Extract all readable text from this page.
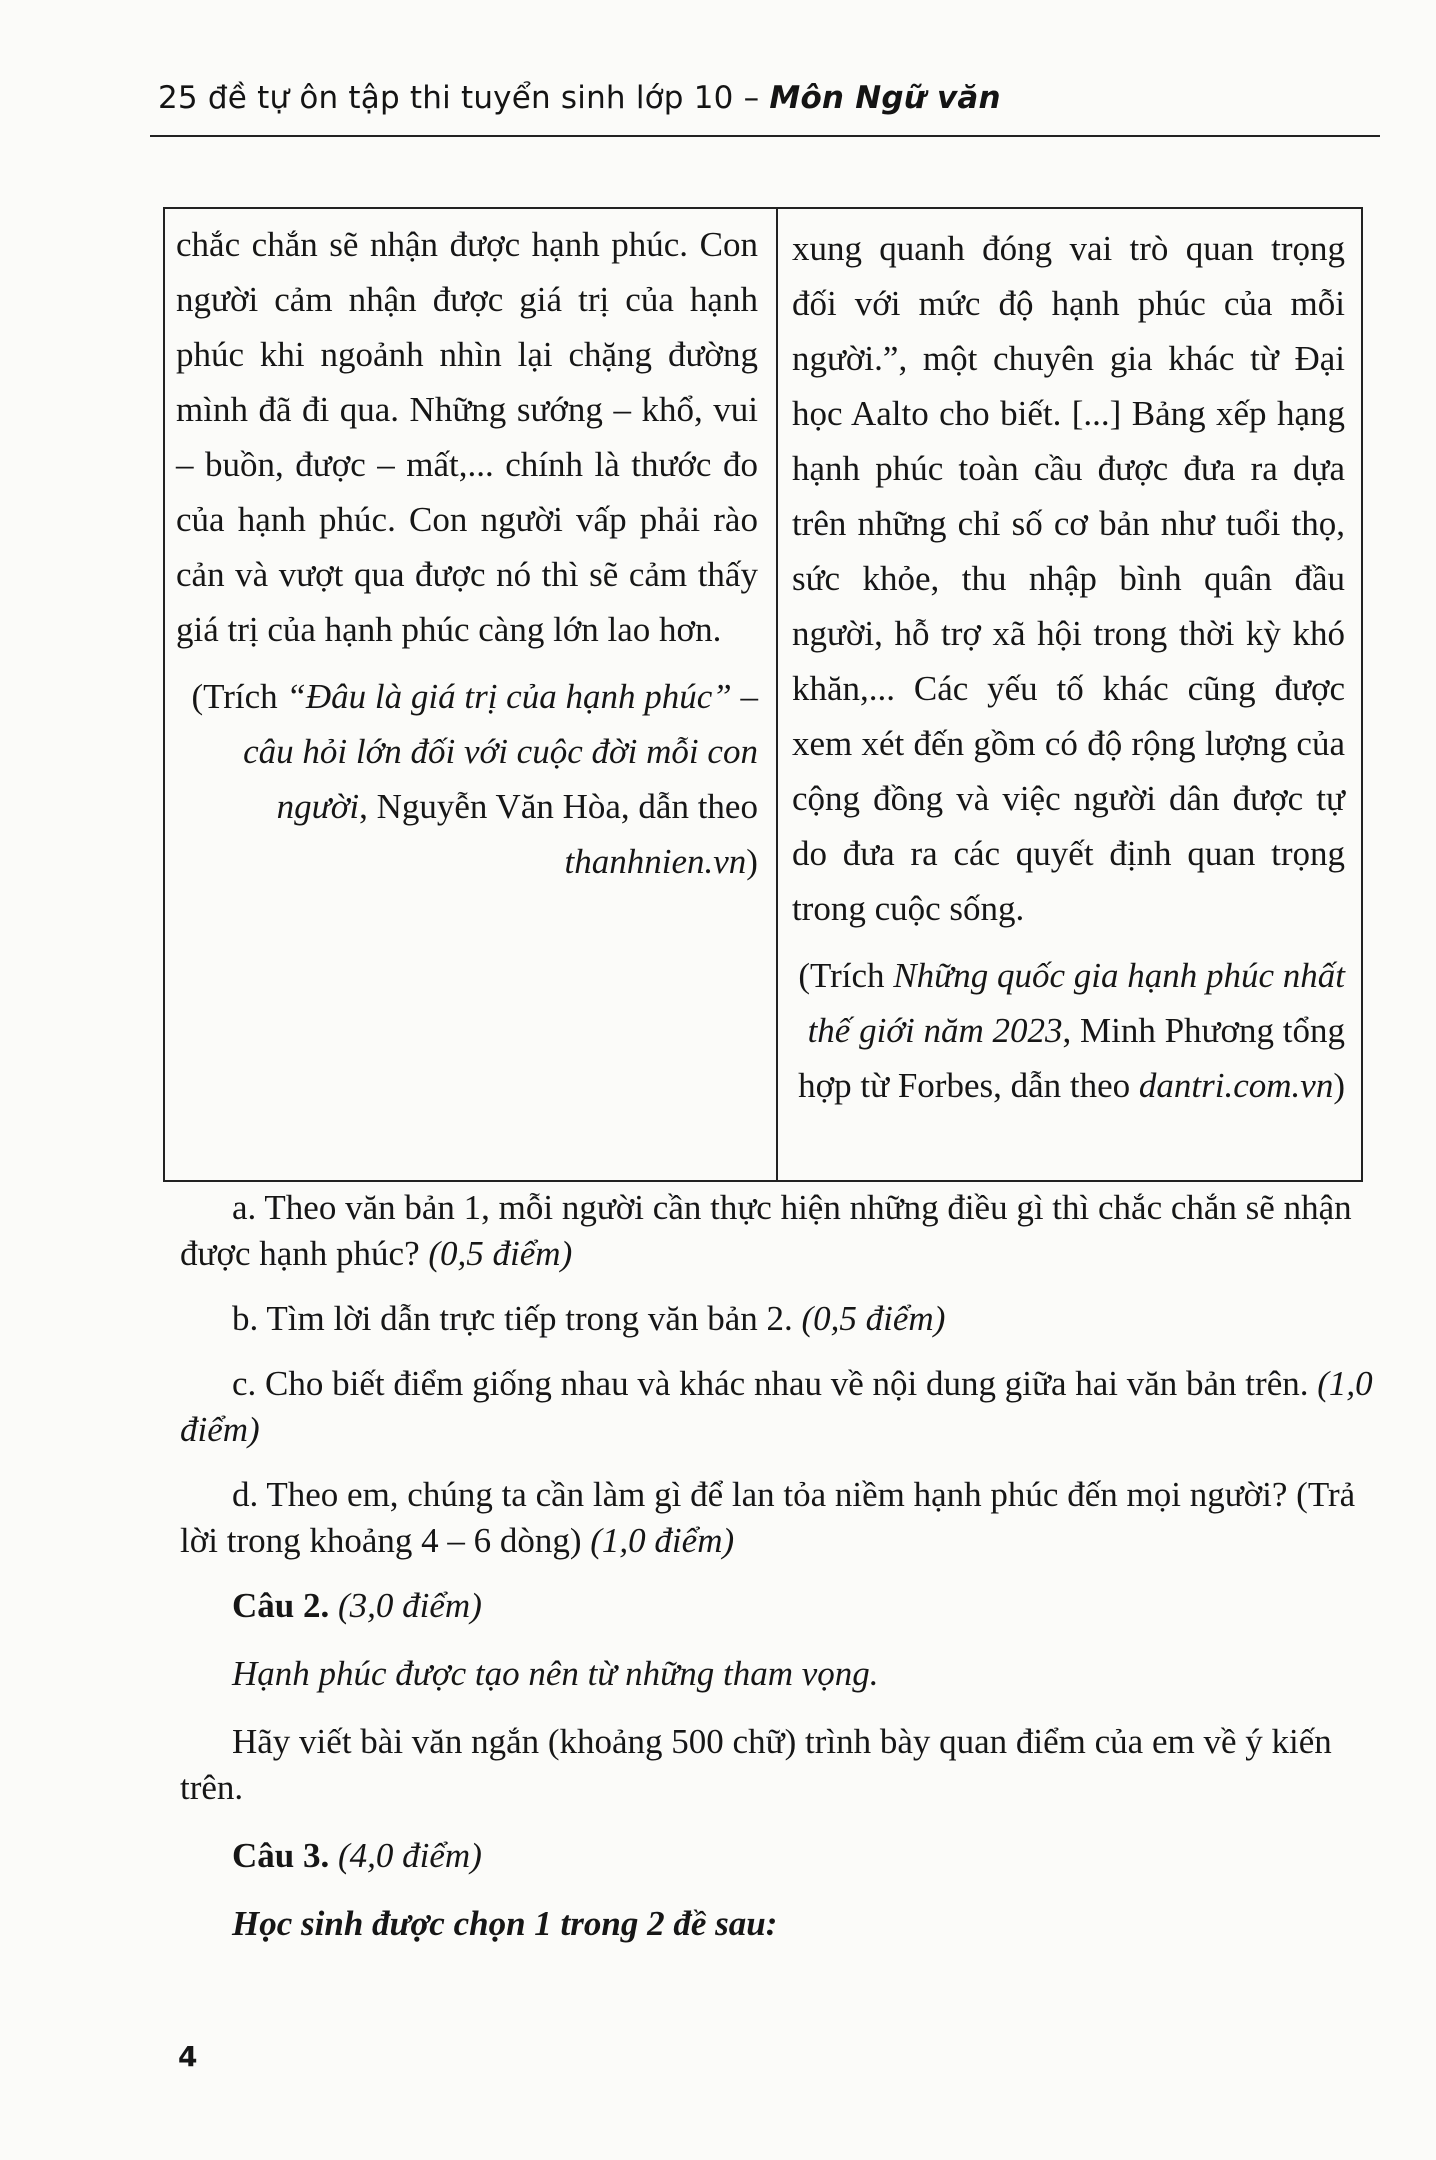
25 đề tự ôn tập thi tuyển sinh lớp 10 – Môn Ngữ văn
chắc chắn sẽ nhận được hạnh phúc. Con người cảm nhận được giá trị của hạnh phúc khi ngoảnh nhìn lại chặng đường mình đã đi qua. Những sướng – khổ, vui – buồn, được – mất,... chính là thước đo của hạnh phúc. Con người vấp phải rào cản và vượt qua được nó thì sẽ cảm thấy giá trị của hạnh phúc càng lớn lao hơn.
(Trích “Đâu là giá trị của hạnh phúc” – câu hỏi lớn đối với cuộc đời mỗi con người, Nguyễn Văn Hòa, dẫn theo thanhnien.vn)
xung quanh đóng vai trò quan trọng đối với mức độ hạnh phúc của mỗi người.”, một chuyên gia khác từ Đại học Aalto cho biết. [...] Bảng xếp hạng hạnh phúc toàn cầu được đưa ra dựa trên những chỉ số cơ bản như tuổi thọ, sức khỏe, thu nhập bình quân đầu người, hỗ trợ xã hội trong thời kỳ khó khăn,... Các yếu tố khác cũng được xem xét đến gồm có độ rộng lượng của cộng đồng và việc người dân được tự do đưa ra các quyết định quan trọng trong cuộc sống.
(Trích Những quốc gia hạnh phúc nhất thế giới năm 2023, Minh Phương tổng hợp từ Forbes, dẫn theo dantri.com.vn)

a. Theo văn bản 1, mỗi người cần thực hiện những điều gì thì chắc chắn sẽ nhận được hạnh phúc? (0,5 điểm)

b. Tìm lời dẫn trực tiếp trong văn bản 2. (0,5 điểm)

c. Cho biết điểm giống nhau và khác nhau về nội dung giữa hai văn bản trên. (1,0 điểm)

d. Theo em, chúng ta cần làm gì để lan tỏa niềm hạnh phúc đến mọi người? (Trả lời trong khoảng 4 – 6 dòng) (1,0 điểm)

Câu 2. (3,0 điểm)

Hạnh phúc được tạo nên từ những tham vọng.

Hãy viết bài văn ngắn (khoảng 500 chữ) trình bày quan điểm của em về ý kiến trên.

Câu 3. (4,0 điểm)

Học sinh được chọn 1 trong 2 đề sau:

4
